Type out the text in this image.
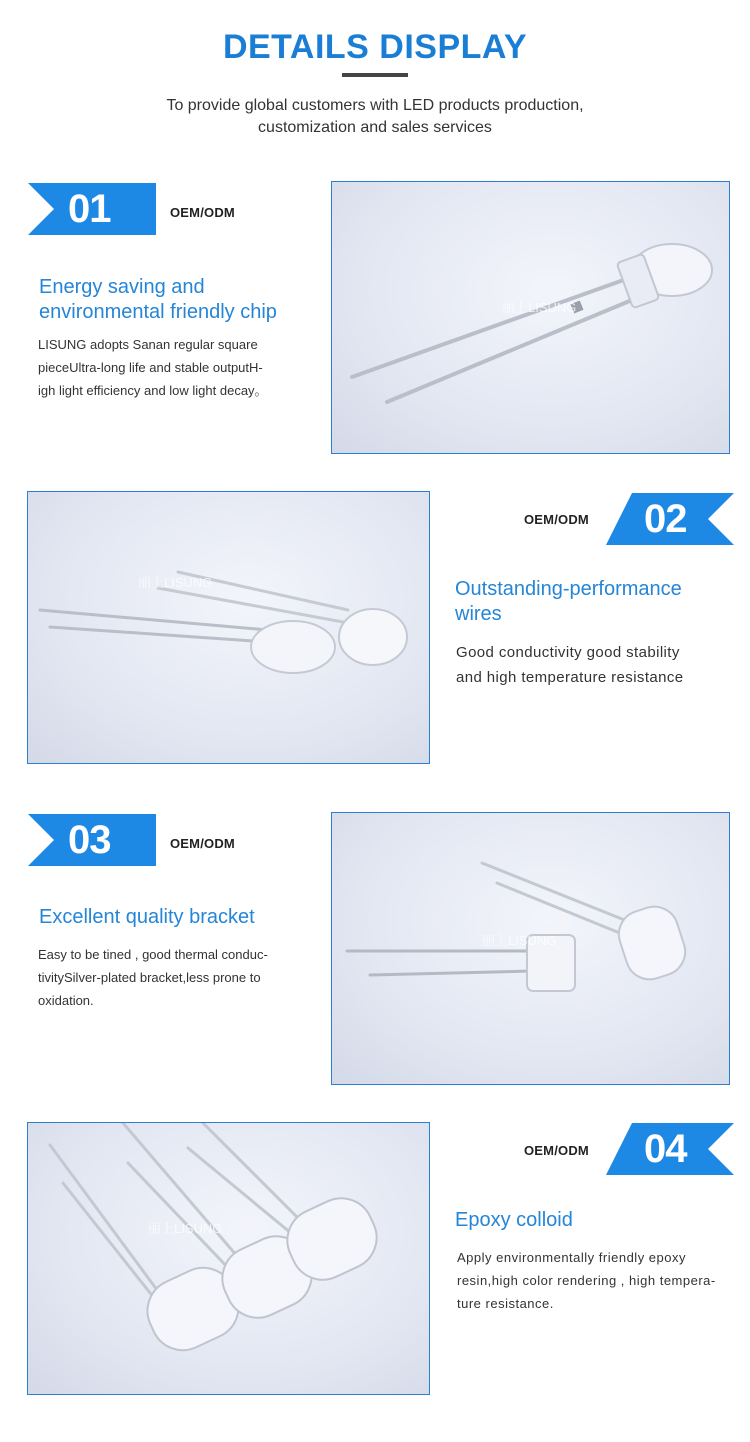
DETAILS DISPLAY
To provide global customers with LED products production,
customization and sales services
01	OEM/ODM
Energy saving and
environmental friendly chip
LISUNG adopts Sanan regular square
pieceUltra-long life and stable outputH-
igh light efficiency and low light decay。
丽上LISUNG
丽上LISUNG
OEM/ODM 02
Outstanding-performance
wires
Good conductivity good stability
and high temperature resistance
03	OEM/ODM
Excellent quality bracket
Easy to be tined , good thermal conduc-
tivitySilver-plated bracket,less prone to
oxidation.
丽上LISUNG
丽上LISUNG
OEM/ODM 04
Epoxy colloid
Apply environmentally friendly epoxy
resin,high color rendering , high tempera-
ture resistance.
